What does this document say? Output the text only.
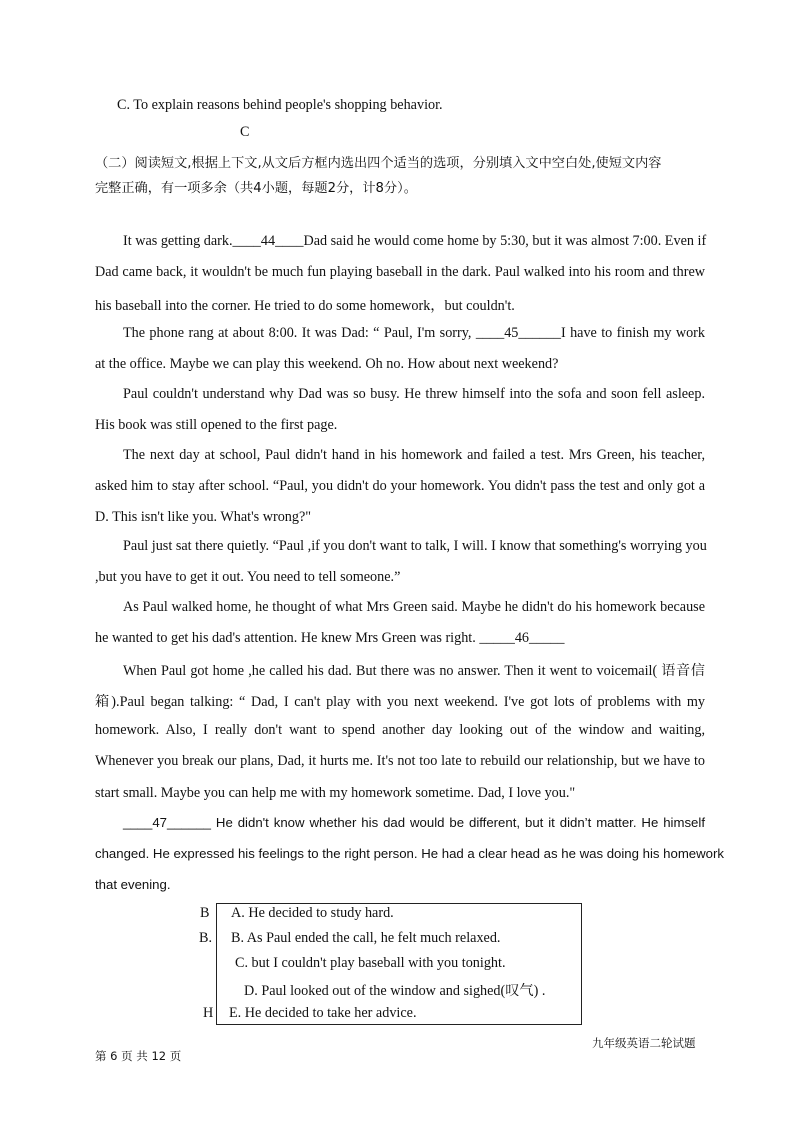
C. To explain reasons behind people's shopping behavior.
C
（二）阅读短文,根据上下文,从文后方框内选出四个适当的选项，分别填入文中空白处,使短文内容
完整正确，有一项多余（共4小题，每题2分，计8分）。
It was getting dark.____44____Dad said he would come home by 5:30, but it was almost 7:00. Even if
Dad came back, it wouldn't be much fun playing baseball in the dark. Paul walked into his room and threw
his baseball into the corner. He tried to do some homework，but couldn't.
The phone rang at about 8:00. It was Dad: “ Paul, I'm sorry, ____45______I have to finish my work
at the office. Maybe we can play this weekend. Oh no. How about next weekend?
Paul couldn't understand why Dad was so busy. He threw himself into the sofa and soon fell asleep.
His book was still opened to the first page.
The next day at school, Paul didn't hand in his homework and failed a test. Mrs Green, his teacher,
asked him to stay after school. “Paul, you didn't do your homework. You didn't pass the test and only got a
D. This isn't like you. What's wrong?"
Paul just sat there quietly. “Paul ,if you don't want to talk, I will. I know that something's worrying you
,but you have to get it out. You need to tell someone.”
As Paul walked home, he thought of what Mrs Green said. Maybe he didn't do his homework because
he wanted to get his dad's attention. He knew Mrs Green was right. _____46_____
When Paul got home ,he called his dad. But there was no answer. Then it went to voicemail( 语音信
箱).Paul began talking: “ Dad, I can't play with you next weekend. I've got lots of problems with my
homework. Also, I really don't want to spend another day looking out of the window and waiting,
Whenever you break our plans, Dad, it hurts me. It's not too late to rebuild our relationship, but we have to
start small. Maybe you can help me with my homework sometime. Dad, I love you."
____47______ He didn't know whether his dad would be different, but it didn’t matter. He himself
changed. He expressed his feelings to the right person. He had a clear head as he was doing his homework
that evening.
B
B.
H
A. He decided to study hard.
B. As Paul ended the call, he felt much relaxed.
C. but I couldn't play baseball with you tonight.
D. Paul looked out of the window and sighed(叹气) .
E. He decided to take her advice.
第 6 页 共 12 页
九年级英语二轮试题
